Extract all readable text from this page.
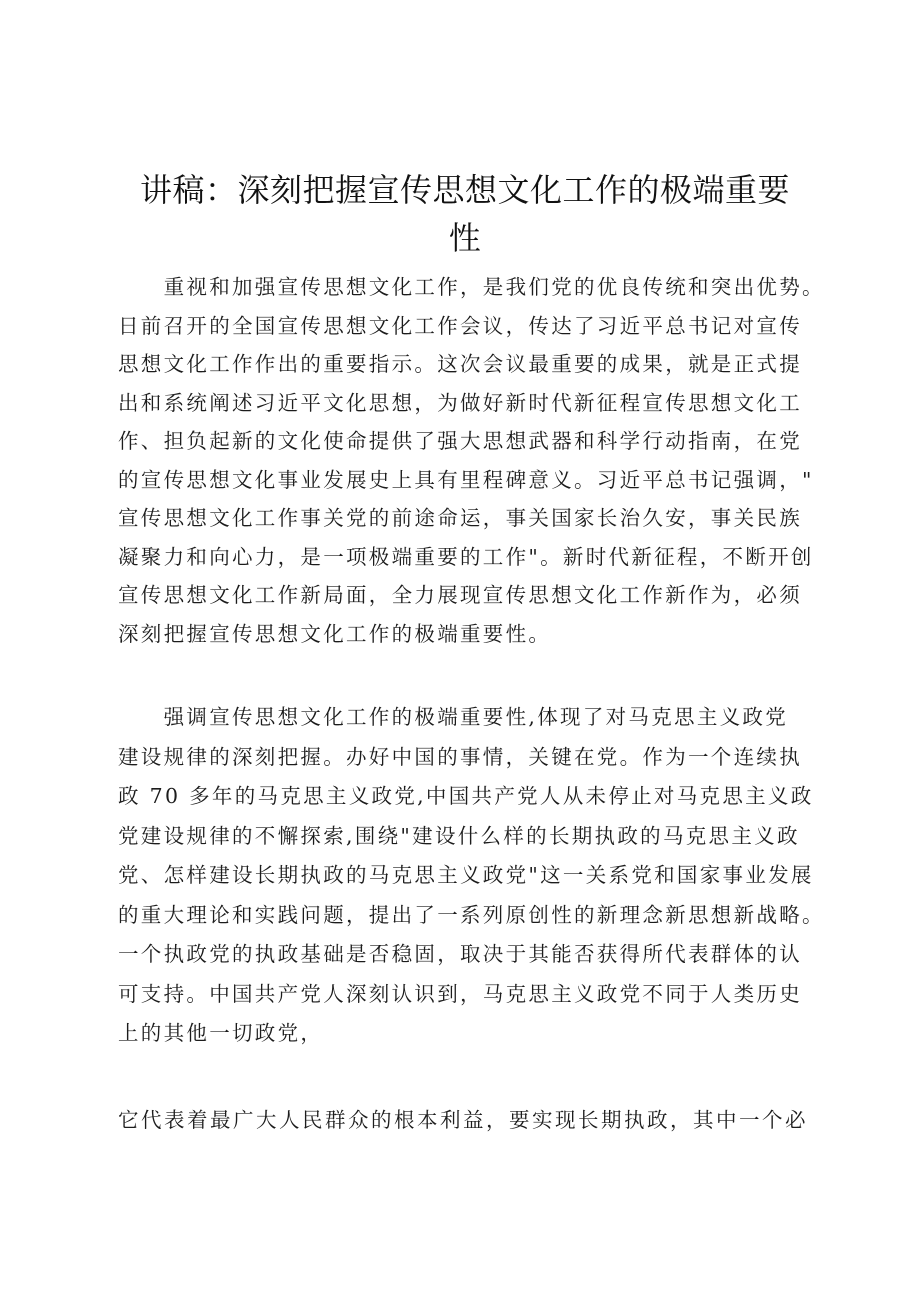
讲稿：深刻把握宣传思想文化工作的极端重要
性
　　重视和加强宣传思想文化工作，是我们党的优良传统和突出优势。
日前召开的全国宣传思想文化工作会议，传达了习近平总书记对宣传
思想文化工作作出的重要指示。这次会议最重要的成果，就是正式提
出和系统阐述习近平文化思想，为做好新时代新征程宣传思想文化工
作、担负起新的文化使命提供了强大思想武器和科学行动指南，在党
的宣传思想文化事业发展史上具有里程碑意义。习近平总书记强调，"
宣传思想文化工作事关党的前途命运，事关国家长治久安，事关民族
凝聚力和向心力，是一项极端重要的工作"。新时代新征程，不断开创
宣传思想文化工作新局面，全力展现宣传思想文化工作新作为，必须
深刻把握宣传思想文化工作的极端重要性。
　　强调宣传思想文化工作的极端重要性,体现了对马克思主义政党
建设规律的深刻把握。办好中国的事情，关键在党。作为一个连续执
政 70 多年的马克思主义政党,中国共产党人从未停止对马克思主义政
党建设规律的不懈探索,围绕"建设什么样的长期执政的马克思主义政
党、怎样建设长期执政的马克思主义政党"这一关系党和国家事业发展
的重大理论和实践问题，提出了一系列原创性的新理念新思想新战略。
一个执政党的执政基础是否稳固，取决于其能否获得所代表群体的认
可支持。中国共产党人深刻认识到，马克思主义政党不同于人类历史
上的其他一切政党，
它代表着最广大人民群众的根本利益，要实现长期执政，其中一个必
